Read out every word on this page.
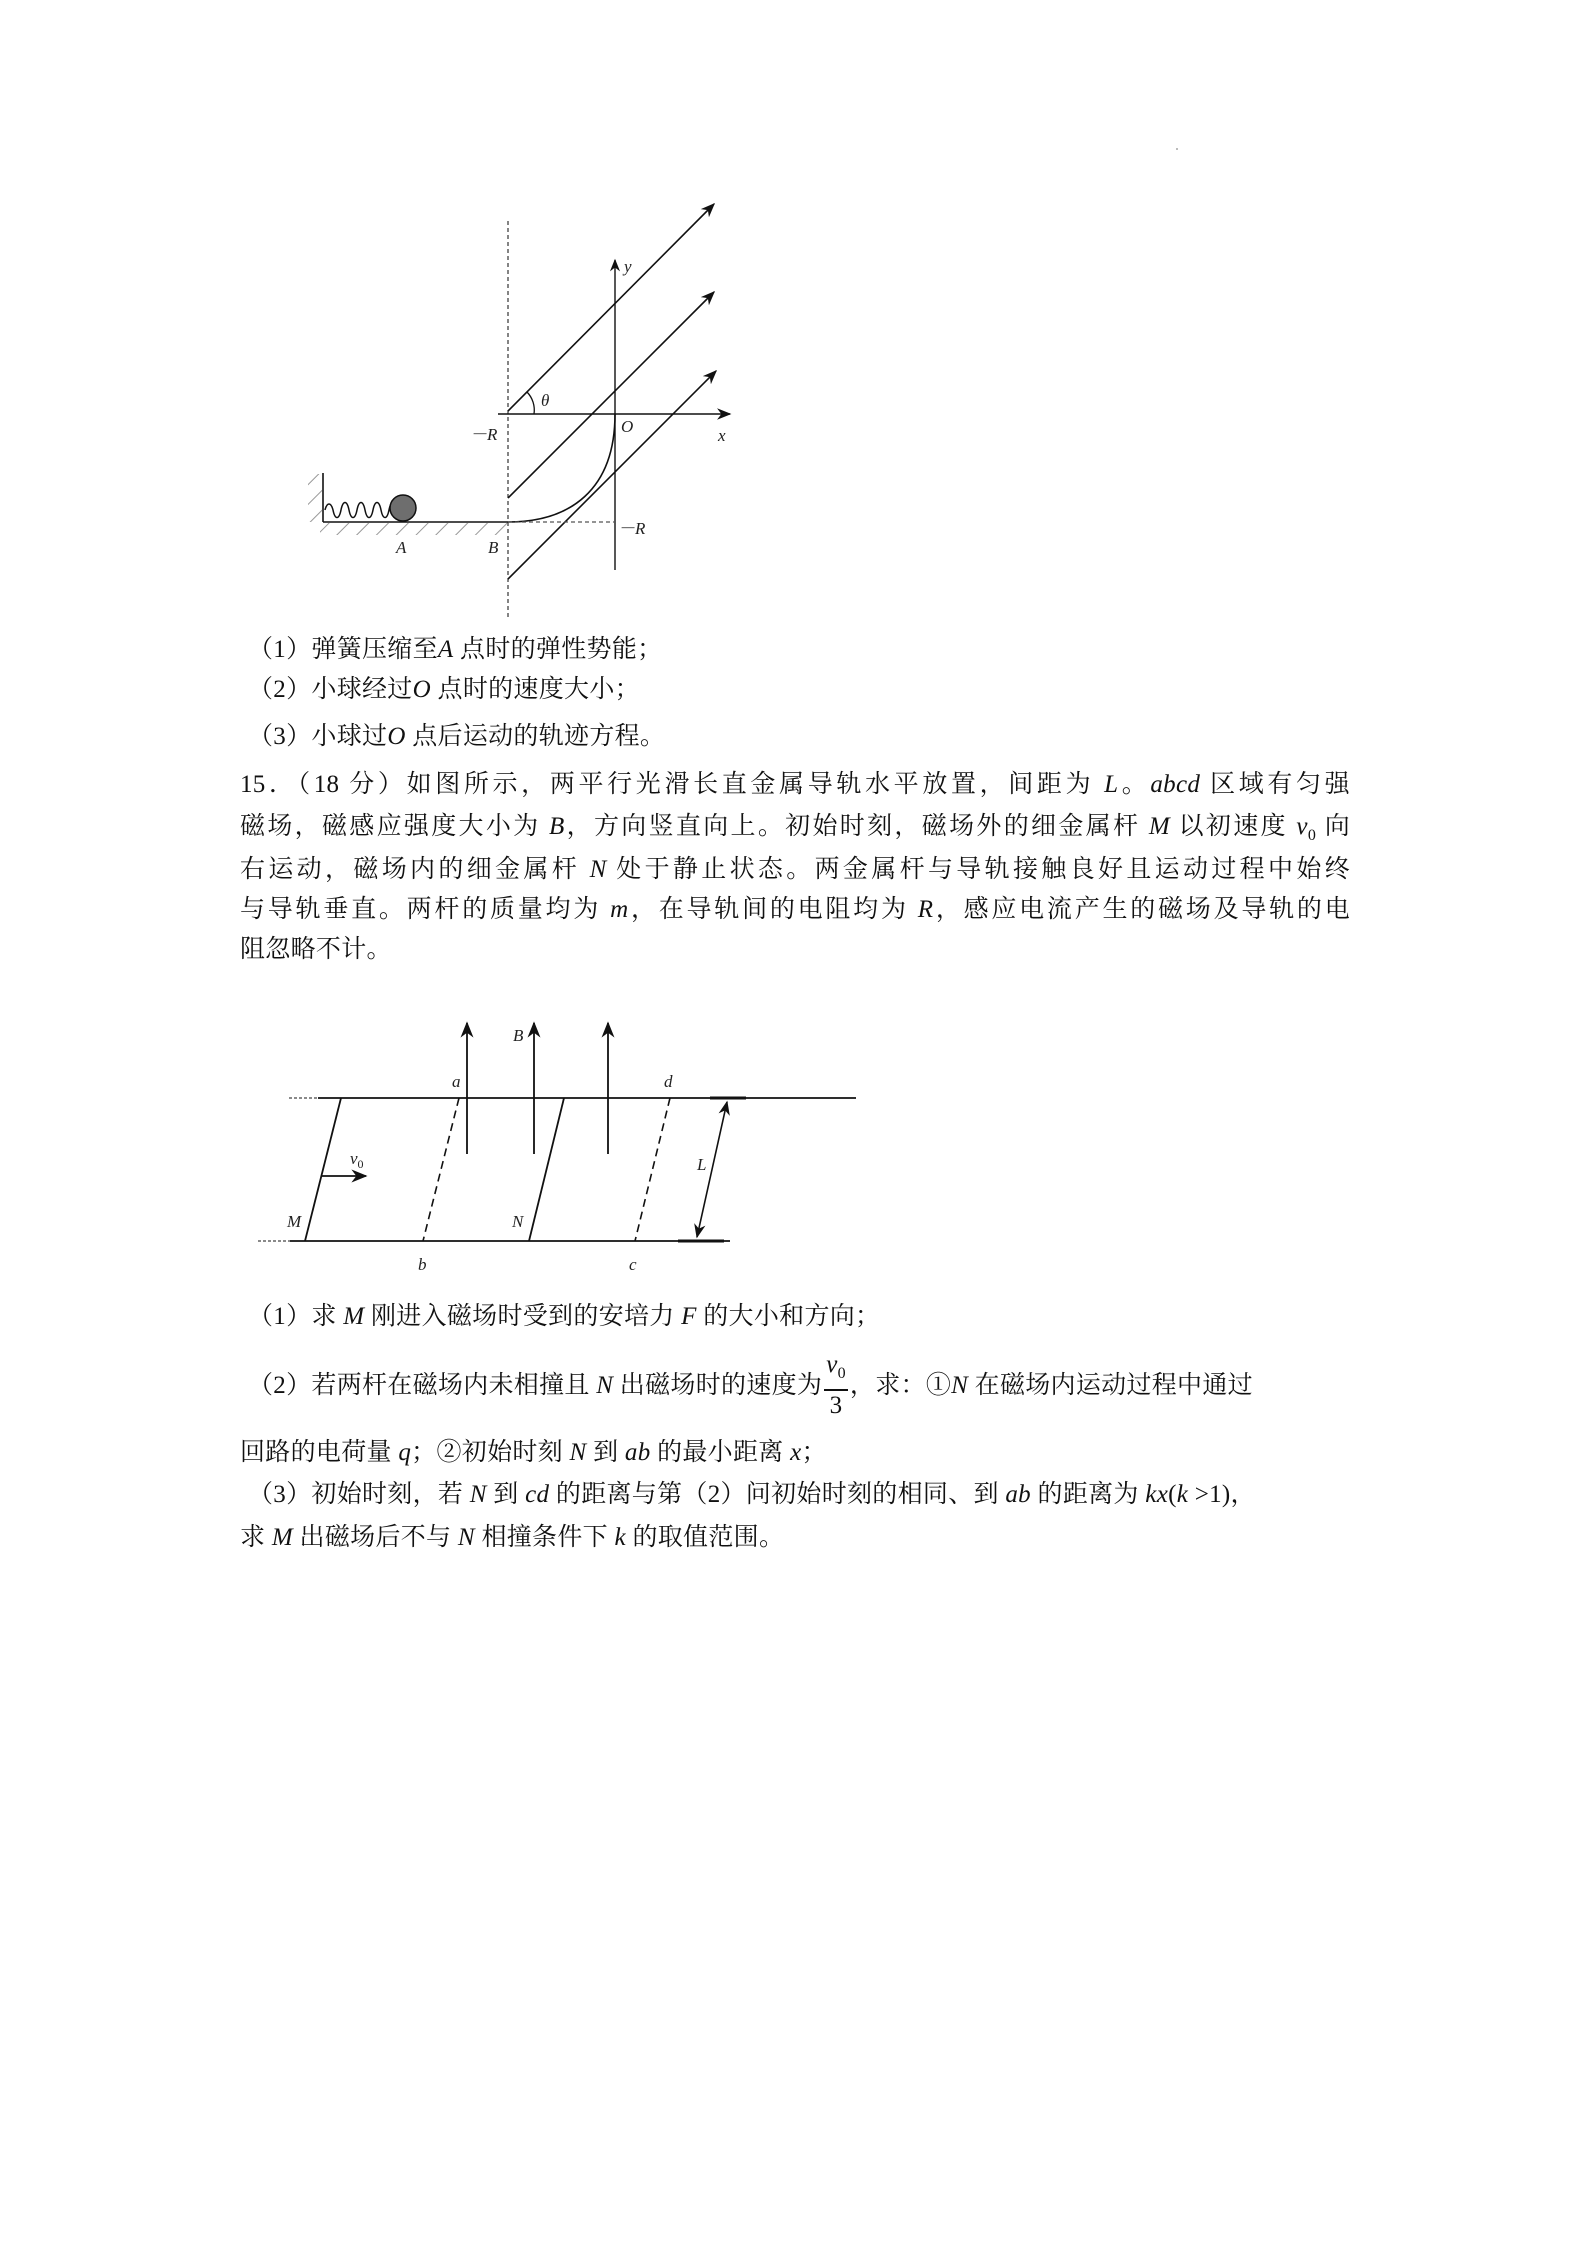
y
θ
O	x
－R
－R
A	B
（1）弹簧压缩至A 点时的弹性势能；
（2）小球经过O 点时的速度大小；
（3）小球过O 点后运动的轨迹方程。
15．（18 分）如图所示，两平行光滑长直金属导轨水平放置，间距为 L。abcd 区域有匀强
磁场，磁感应强度大小为 B，方向竖直向上。初始时刻，磁场外的细金属杆 M 以初速度 $v_0$ 向
右运动，磁场内的细金属杆 N 处于静止状态。两金属杆与导轨接触良好且运动过程中始终
与导轨垂直。两杆的质量均为 m，在导轨间的电阻均为 R，感应电流产生的磁场及导轨的电
阻忽略不计。
B
a	d
b	c
M	N
$v_0$	L
（1）求 M 刚进入磁场时受到的安培力 F 的大小和方向；
（2）若两杆在磁场内未相撞且 N 出磁场时的速度为 $\frac{v_0}{3}$ ，求：①N 在磁场内运动过程中通过
回路的电荷量 q；②初始时刻 N 到 ab 的最小距离 x；
（3）初始时刻，若 N 到 cd 的距离与第（2）问初始时刻的相同、到 ab 的距离为 kx(k >1)，
求 M 出磁场后不与 N 相撞条件下 k 的取值范围。
